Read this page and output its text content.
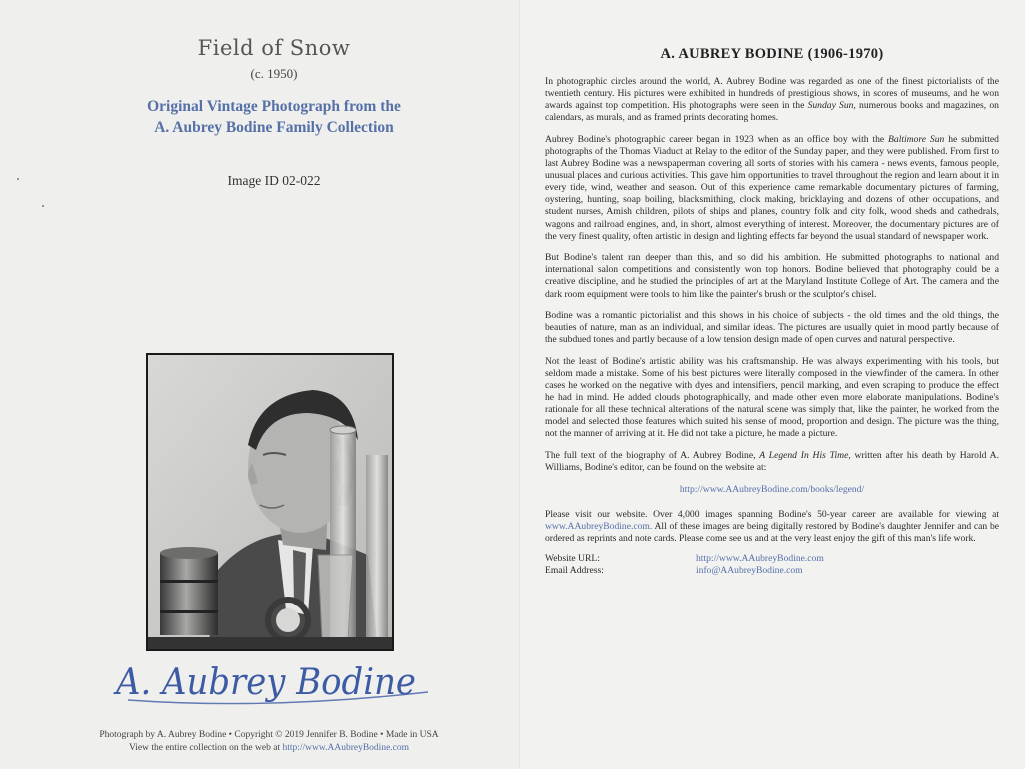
Field of Snow
(c. 1950)
Original Vintage Photograph from the
A. Aubrey Bodine Family Collection
Image ID 02-022
A. Aubrey Bodine
Photograph by A. Aubrey Bodine • Copyright © 2019 Jennifer B. Bodine • Made in USA
View the entire collection on the web at http://www.AAubreyBodine.com
A. AUBREY BODINE (1906-1970)

In photographic circles around the world, A. Aubrey Bodine was regarded as one of the finest pictorialists of the twentieth century. His pictures were exhibited in hundreds of prestigious shows, in scores of museums, and he won awards against top competition. His photographs were seen in the Sunday Sun, numerous books and magazines, on calendars, as murals, and as framed prints decorating homes.

Aubrey Bodine's photographic career began in 1923 when as an office boy with the Baltimore Sun he submitted photographs of the Thomas Viaduct at Relay to the editor of the Sunday paper, and they were published. From first to last Aubrey Bodine was a newspaperman covering all sorts of stories with his camera - news events, famous people, unusual places and curious activities. This gave him opportunities to travel throughout the region and learn about it in every tide, wind, weather and season. Out of this experience came remarkable documentary pictures of farming, oystering, hunting, soap boiling, blacksmithing, clock making, bricklaying and dozens of other occupations, and student nurses, Amish children, pilots of ships and planes, country folk and city folk, wood sheds and cathedrals, wagons and railroad engines, and, in short, almost everything of interest. Moreover, the documentary pictures are of the very finest quality, often artistic in design and lighting effects far beyond the usual standard of newspaper work.

But Bodine's talent ran deeper than this, and so did his ambition. He submitted photographs to national and international salon competitions and consistently won top honors. Bodine believed that photography could be a creative discipline, and he studied the principles of art at the Maryland Institute College of Art. The camera and the dark room equipment were tools to him like the painter's brush or the sculptor's chisel.

Bodine was a romantic pictorialist and this shows in his choice of subjects - the old times and the old things, the beauties of nature, man as an individual, and similar ideas. The pictures are usually quiet in mood partly because of the subdued tones and partly because of a low tension design made of open curves and natural perspective.

Not the least of Bodine's artistic ability was his craftsmanship. He was always experimenting with his tools, but seldom made a mistake. Some of his best pictures were literally composed in the viewfinder of the camera. In other cases he worked on the negative with dyes and intensifiers, pencil marking, and even scraping to produce the effect he had in mind. He added clouds photographically, and made other even more elaborate manipulations. Bodine's rationale for all these technical alterations of the natural scene was simply that, like the painter, he worked from the model and selected those features which suited his sense of mood, proportion and design. The picture was the thing, not the manner of arriving at it. He did not take a picture, he made a picture.

The full text of the biography of A. Aubrey Bodine, A Legend In His Time, written after his death by Harold A. Williams, Bodine's editor, can be found on the website at:

http://www.AAubreyBodine.com/books/legend/

Please visit our website. Over 4,000 images spanning Bodine's 50-year career are available for viewing at www.AAubreyBodine.com. All of these images are being digitally restored by Bodine's daughter Jennifer and can be ordered as reprints and note cards. Please come see us and at the very least enjoy the gift of this man's life work.

Website URL:
Email Address:
http://www.AAubreyBodine.com
info@AAubreyBodine.com
